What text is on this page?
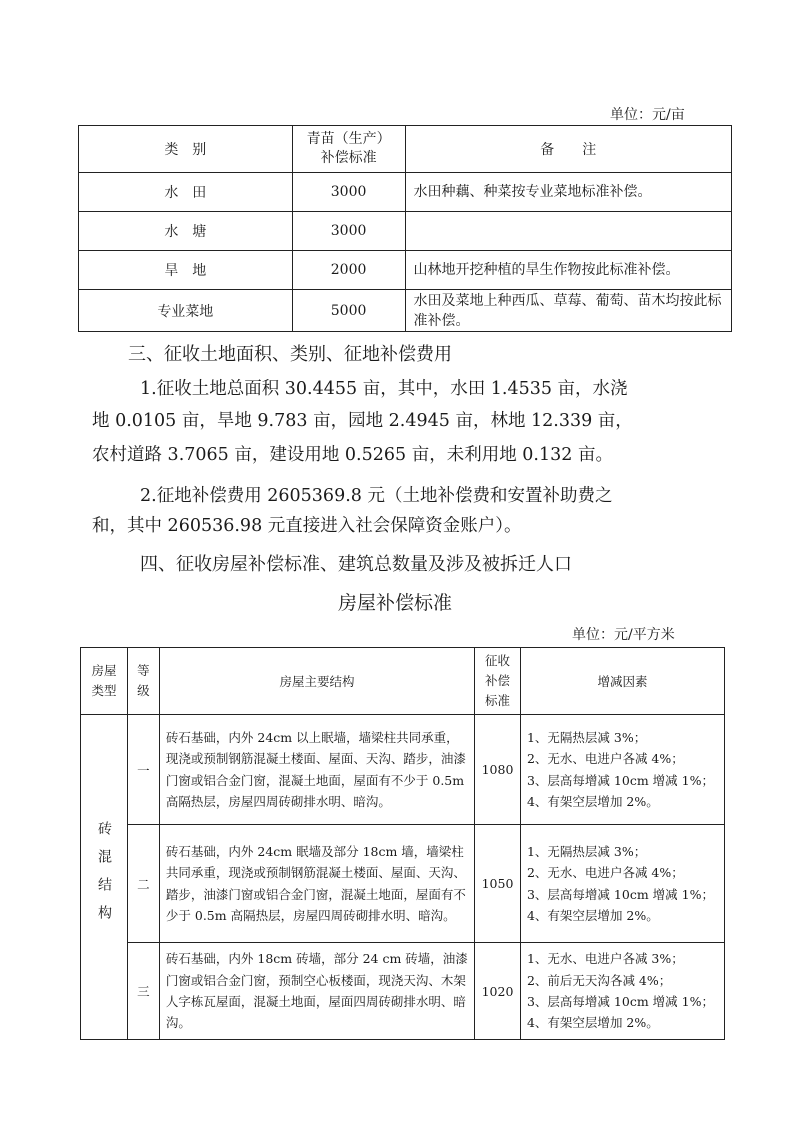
单位：元/亩
类　别	青苗（生产）补偿标准	备　　注
水　田	3000	水田种藕、种菜按专业菜地标准补偿。
水　塘	3000	
旱　地	2000	山林地开挖种植的旱生作物按此标准补偿。
专业菜地	5000	水田及菜地上种西瓜、草莓、葡萄、苗木均按此标准补偿。
三、征收土地面积、类别、征地补偿费用
1.征收土地总面积 30.4455 亩，其中，水田 1.4535 亩，水浇
地 0.0105 亩，旱地 9.783 亩，园地 2.4945 亩，林地 12.339 亩，
农村道路 3.7065 亩，建设用地 0.5265 亩，未利用地 0.132 亩。
2.征地补偿费用 2605369.8 元（土地补偿费和安置补助费之
和，其中 260536.98 元直接进入社会保障资金账户）。
四、征收房屋补偿标准、建筑总数量及涉及被拆迁人口
房屋补偿标准
单位：元/平方米
房屋类型	等级	房屋主要结构	征收补偿标准	增减因素

砖混结构	一	砖石基础，内外 24cm 以上眠墙，墙梁柱共同承重，现浇或预制钢筋混凝土楼面、屋面、天沟、踏步，油漆门窗或铝合金门窗，混凝土地面，屋面有不少于 0.5m 高隔热层，房屋四周砖砌排水明、暗沟。	1080	1、无隔热层减 3%；
2、无水、电进户各减 4%；
3、层高每增减 10cm 增减 1%；
4、有架空层增加 2%。

	二	砖石基础，内外 24cm 眠墙及部分 18cm 墙，墙梁柱共同承重，现浇或预制钢筋混凝土楼面、屋面、天沟、踏步，油漆门窗或铝合金门窗，混凝土地面，屋面有不少于 0.5m 高隔热层，房屋四周砖砌排水明、暗沟。	1050	1、无隔热层减 3%；
2、无水、电进户各减 4%；
3、层高每增减 10cm 增减 1%；
4、有架空层增加 2%。

	三	砖石基础，内外 18cm 砖墙，部分 24 cm 砖墙，油漆门窗或铝合金门窗，预制空心板楼面，现浇天沟、木架人字栋瓦屋面，混凝土地面，屋面四周砖砌排水明、暗沟。	1020	1、无水、电进户各减 3%；
2、前后无天沟各减 4%；
3、层高每增减 10cm 增减 1%；
4、有架空层增加 2%。
